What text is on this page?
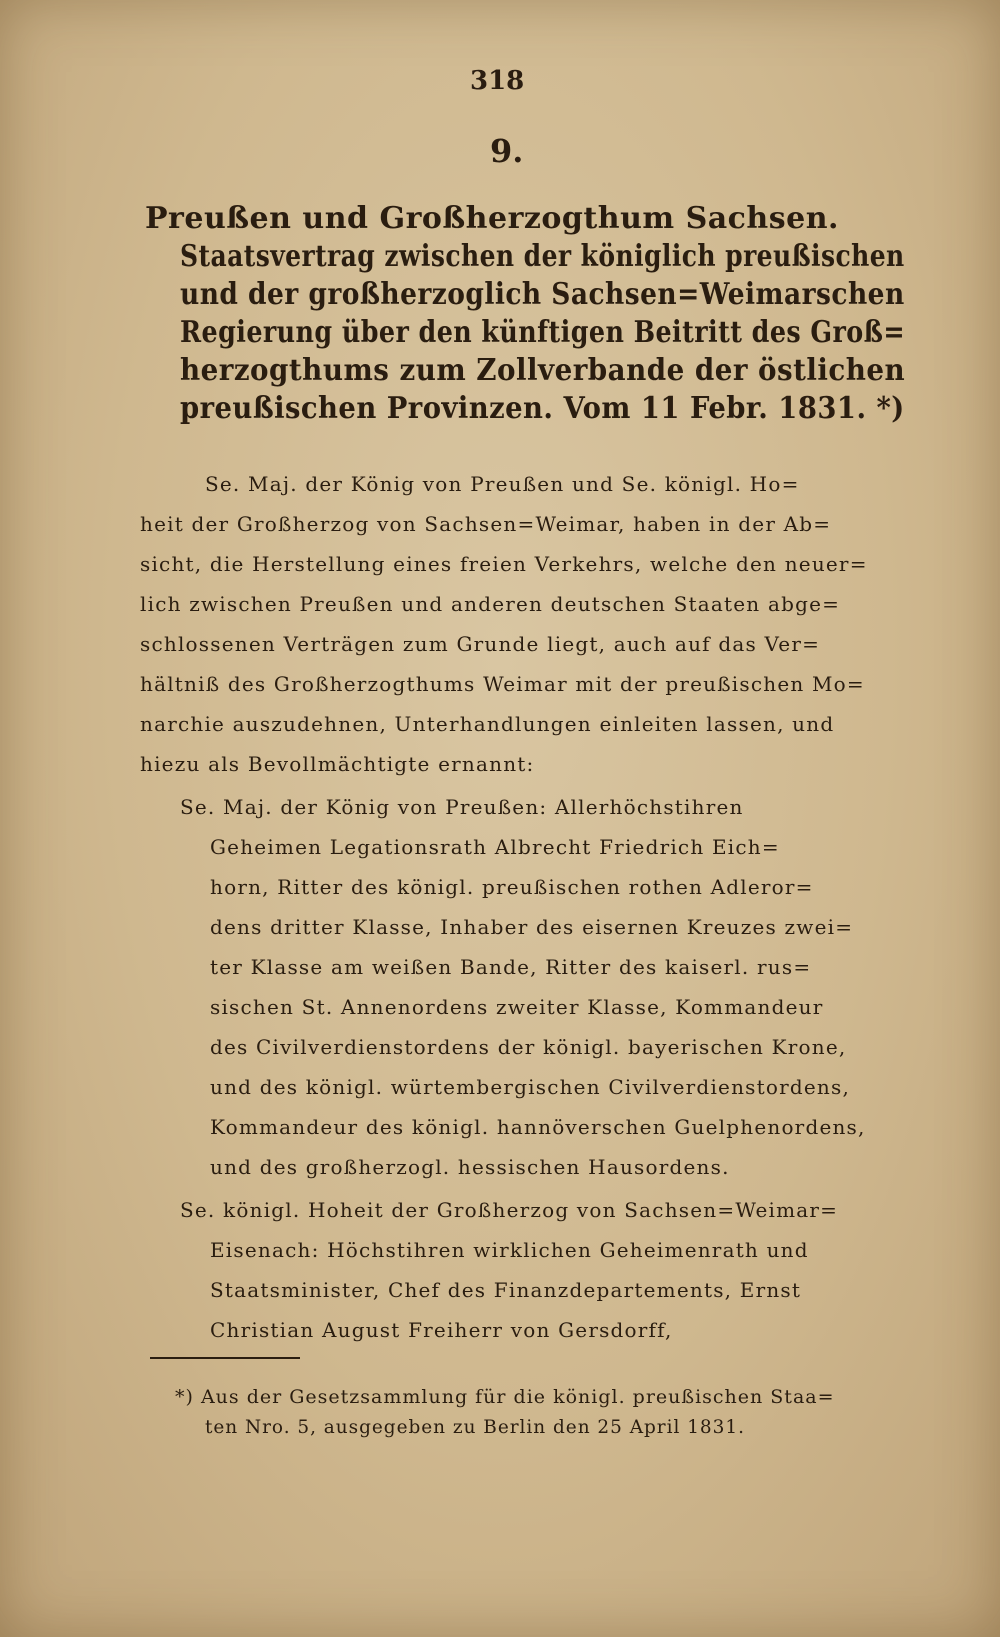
318
9.
Preußen und Großherzogthum Sachsen.
Staatsvertrag zwischen der königlich preußischen
und der großherzoglich Sachsen=Weimarschen
Regierung über den künftigen Beitritt des Groß=
herzogthums zum Zollverbande der östlichen
preußischen Provinzen. Vom 11 Febr. 1831. *)
Se. Maj. der König von Preußen und Se. königl. Ho=
heit der Großherzog von Sachsen=Weimar, haben in der Ab=
sicht, die Herstellung eines freien Verkehrs, welche den neuer=
lich zwischen Preußen und anderen deutschen Staaten abge=
schlossenen Verträgen zum Grunde liegt, auch auf das Ver=
hältniß des Großherzogthums Weimar mit der preußischen Mo=
narchie auszudehnen, Unterhandlungen einleiten lassen, und
hiezu als Bevollmächtigte ernannt:
Se. Maj. der König von Preußen: Allerhöchstihren
Geheimen Legationsrath Albrecht Friedrich Eich=
horn, Ritter des königl. preußischen rothen Adleror=
dens dritter Klasse, Inhaber des eisernen Kreuzes zwei=
ter Klasse am weißen Bande, Ritter des kaiserl. rus=
sischen St. Annenordens zweiter Klasse, Kommandeur
des Civilverdienstordens der königl. bayerischen Krone,
und des königl. würtembergischen Civilverdienstordens,
Kommandeur des königl. hannöverschen Guelphenordens,
und des großherzogl. hessischen Hausordens.
Se. königl. Hoheit der Großherzog von Sachsen=Weimar=
Eisenach: Höchstihren wirklichen Geheimenrath und
Staatsminister, Chef des Finanzdepartements, Ernst
Christian August Freiherr von Gersdorff,
*) Aus der Gesetzsammlung für die königl. preußischen Staa=
ten Nro. 5, ausgegeben zu Berlin den 25 April 1831.
